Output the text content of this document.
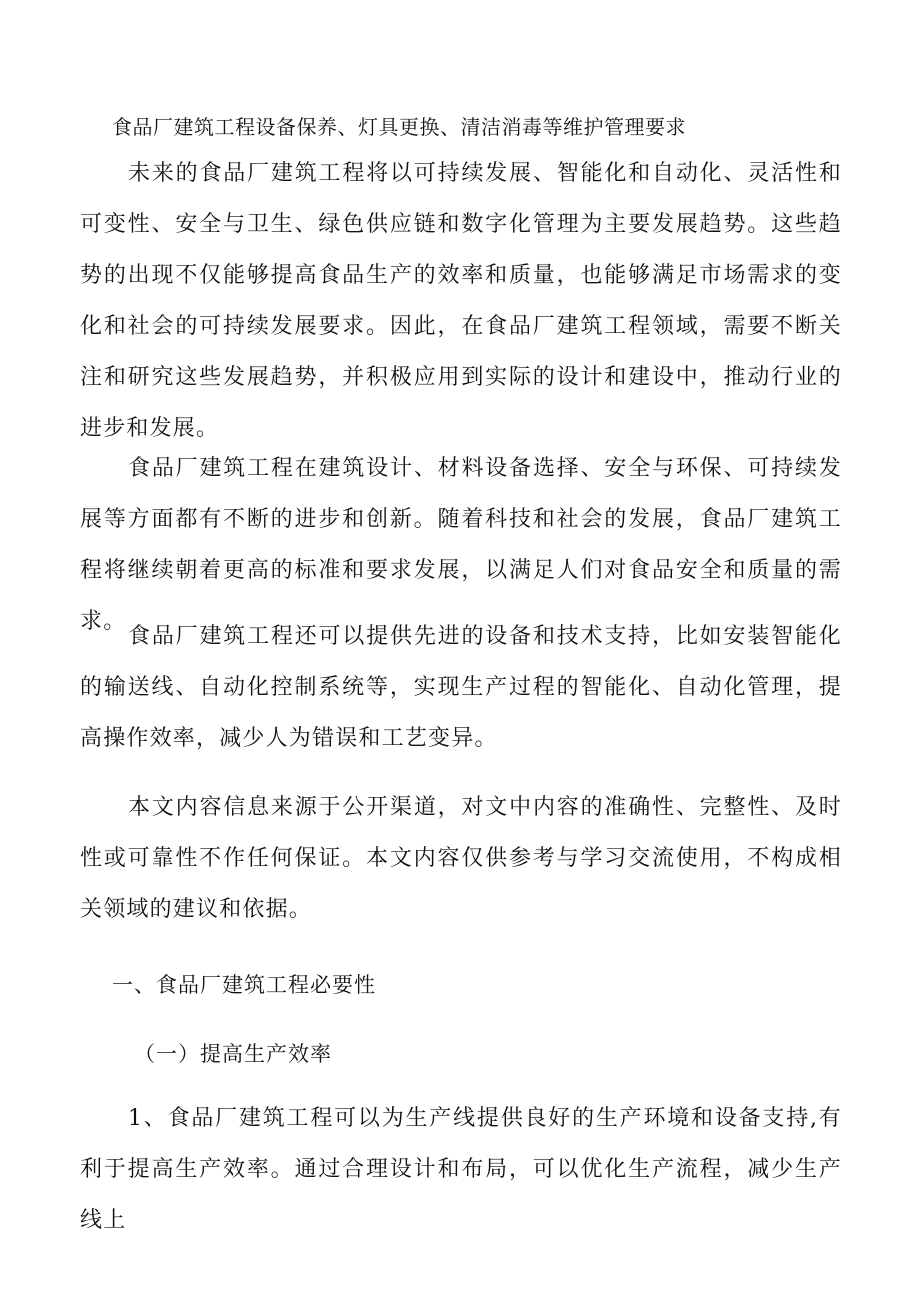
食品厂建筑工程设备保养、灯具更换、清洁消毒等维护管理要求

未来的食品厂建筑工程将以可持续发展、智能化和自动化、灵活性和可变性、安全与卫生、绿色供应链和数字化管理为主要发展趋势。这些趋势的出现不仅能够提高食品生产的效率和质量，也能够满足市场需求的变化和社会的可持续发展要求。因此，在食品厂建筑工程领域，需要不断关注和研究这些发展趋势，并积极应用到实际的设计和建设中，推动行业的进步和发展。

食品厂建筑工程在建筑设计、材料设备选择、安全与环保、可持续发展等方面都有不断的进步和创新。随着科技和社会的发展，食品厂建筑工程将继续朝着更高的标准和要求发展，以满足人们对食品安全和质量的需求。

食品厂建筑工程还可以提供先进的设备和技术支持，比如安装智能化的输送线、自动化控制系统等，实现生产过程的智能化、自动化管理，提高操作效率，减少人为错误和工艺变异。

本文内容信息来源于公开渠道，对文中内容的准确性、完整性、及时性或可靠性不作任何保证。本文内容仅供参考与学习交流使用，不构成相关领域的建议和依据。

一、食品厂建筑工程必要性

（一）提高生产效率

1、食品厂建筑工程可以为生产线提供良好的生产环境和设备支持,有利于提高生产效率。通过合理设计和布局，可以优化生产流程，减少生产线上
